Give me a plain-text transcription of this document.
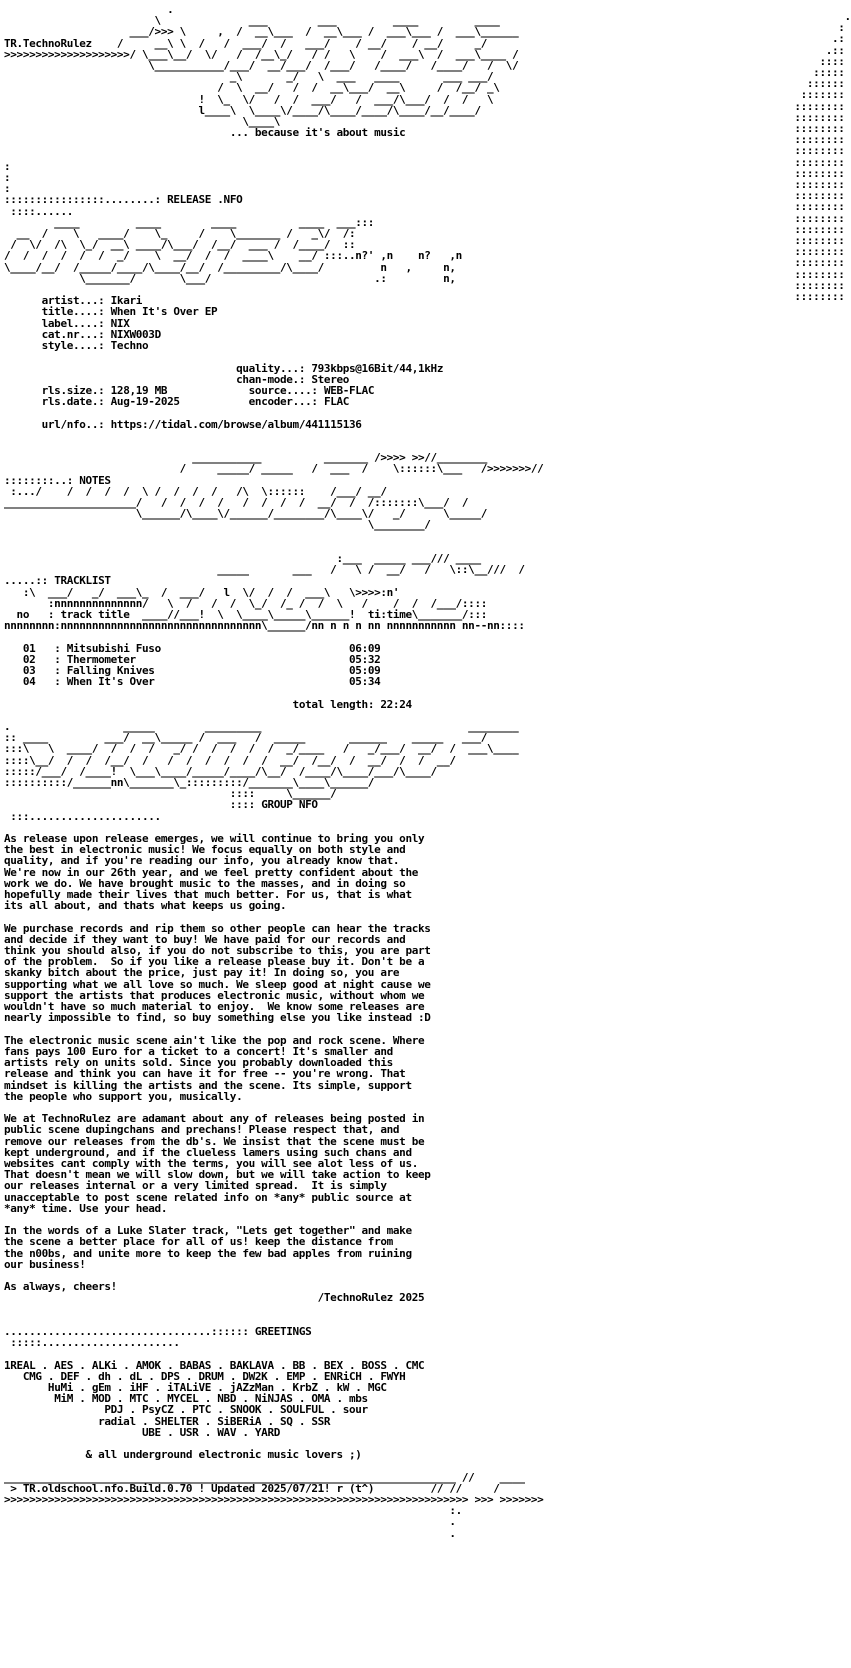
.
\              ___        ___         ____         ____
___/>>> \     ,  /  __\___  /  __\___ /  ___\___ /  ___\______

TR.TechnoRulez    /     __\ \  /   /  ___/  /   ___/    / __/    / __/     _/
>>>>>>>>>>>>>>>>>>>>/ \___\__/  \/   /  /__\_/   / /   \    /  ___\  /  ___\____ /
\___________/___/  __/___/  /___/   /____/   /____/   /  \/
_\       _/   \  ___   ____       ___ ___/
/  \  __/   /  /  __\___/  __\     /  /__/ _\
!  \_  \/   /  /  ___/   /  ___/\___/  /  /   \
l____\  \____\/____/\____/____/\____/__/____/
\____\

... because it's about music

:
:
:

::::::::::::::::........: RELEASE .NFO
::::......
____         ____        ____          ____  ___:::
__  /    \   ____/    \_     /    \_______ /   _\/  /:
/  \/  /\  \_/  __\ ____/\___/  /__/  ___ /  /____/  ::
/  /  /  /  /  /  _/    \  __/  /  /  ____\    __/ :::..n?' ,n    n?   ,n
\____/__/  /_____/____/\____/__/  /_________/\____/         n   ,     n,
\_______/       \___/                          .:         n,

artist...: Ikari
title....: When It's Over EP
label....: NIX
cat.nr...: NIXW003D
style....: Techno

quality...: 793kbps@16Bit/44,1kHz
chan-mode.: Stereo
rls.size.: 128,19 MB	source....: WEB-FLAC
rls.date.: Aug-19-2025	encoder...: FLAC

url/nfo..: https://tidal.com/browse/album/441115136

___________          _______ />>>> >>//________
/     _____/ _____   /  ___  /    \::::::\___   />>>>>>>//

::::::::..: NOTES
:.../    /  /  /  /  \ /  /  /  /   /\  \::::::    /___/ __/
_____________________/   /  /  /  /   /  /  /  /  __/  /  /:::::::\___/  /
\______/\____\/______/________/\____\/   _/      \_____/
\________/

:___  _____ ___/// ____
_____       ___   /   \ /  __/   /   \::\__///  /

.....:: TRACKLIST
:\  ___/   _/  ___\_  /  ___/   l  \/  /  /  ___\   \>>>>:n'
:nnnnnnnnnnnnnn/   \  /   /  /  \_/  /_ /  /  \   /    /  /  /___/::::

no   : track title  ____//___!  \  \____\_____\______!  ti:time\_______/:::
nnnnnnnn:nnnnnnnnnnnnnnnnnnnnnnnnnnnnnnnn\______/nn n n n nn nnnnnnnnnnn nn--nn::::

01   : Mitsubishi Fuso	06:09
02   : Thermometer	05:32
03   : Falling Knives	05:09
04   : When It's Over	05:34

total length: 22:24

.                  _____        _________                                 ________
:: ____         ___/  __\_____ /  ___   /  _____       ______    _____   ___/
:::\   \  ____/  /  /  /   _/ /  /  /  /  /  _/____   /   _/___/  __/  /  ___\____
::::\__/  /  /  /__/  /   /  /  /  /  /  /  __/  /__/  /  __/  /  /  __/
:::::/___/  /____!  \___\____/_____/____/\__/  /____/\____/___/\____/
::::::::::/______nn\_______\_:::::::::/_______\____\______/
::::     \______/

:::: GROUP NFO
:::.....................

As release upon release emerges, we will continue to bring you only
the best in electronic music! We focus equally on both style and
quality, and if you're reading our info, you already know that.
We're now in our 26th year, and we feel pretty confident about the
work we do. We have brought music to the masses, and in doing so
hopefully made their lives that much better. For us, that is what
its all about, and thats what keeps us going.

We purchase records and rip them so other people can hear the tracks
and decide if they want to buy! We have paid for our records and
think you should also, if you do not subscribe to this, you are part
of the problem.  So if you like a release please buy it. Don't be a
skanky bitch about the price, just pay it! In doing so, you are
supporting what we all love so much. We sleep good at night cause we
support the artists that produces electronic music, without whom we
wouldn't have so much material to enjoy.  We know some releases are
nearly impossible to find, so buy something else you like instead :D

The electronic music scene ain't like the pop and rock scene. Where
fans pays 100 Euro for a ticket to a concert! It's smaller and
artists rely on units sold. Since you probably downloaded this
release and think you can have it for free -- you're wrong. That
mindset is killing the artists and the scene. Its simple, support
the people who support you, musically.

We at TechnoRulez are adamant about any of releases being posted in
public scene dupingchans and prechans! Please respect that, and
remove our releases from the db's. We insist that the scene must be
kept underground, and if the clueless lamers using such chans and
websites cant comply with the terms, you will see alot less of us.
That doesn't mean we will slow down, but we will take action to keep
our releases internal or a very limited spread.  It is simply
unacceptable to post scene related info on *any* public source at
*any* time. Use your head.

In the words of a Luke Slater track, "Lets get together" and make
the scene a better place for all of us! keep the distance from
the n00bs, and unite more to keep the few bad apples from ruining
our business!

As always, cheers!
/TechnoRulez 2025

.................................:::::: GREETINGS
:::::......................

1REAL . AES . ALKi . AMOK . BABAS . BAKLAVA . BB . BEX . BOSS . CMC
CMG . DEF . dh . dL . DPS . DRUM . DW2K . EMP . ENRiCH . FWYH
HuMi . gEm . iHF . iTALiVE . jAZzMan . KrbZ . kW . MGC
MiM . MOD . MTC . MYCEL . NBD . NiNJAS . OMA . mbs
PDJ . PsyCZ . PTC . SNOOK . SOULFUL . sour
radial . SHELTER . SiBERiA . SQ . SSR
UBE . USR . WAV . YARD

& all underground electronic music lovers ;)

________________________________________________________________________ //    ____
> TR.oldschool.nfo.Build.0.70 ! Updated 2025/07/21! r (t^)	// //     /
>>>>>>>>>>>>>>>>>>>>>>>>>>>>>>>>>>>>>>>>>>>>>>>>>>>>>>>>>>>>>>>>>>>>>>>>>> >>> >>>>>>>
:.
.
.

.
:
.:
.::
::::
:::::
::::::
:::::::
::::::::
::::::::
::::::::
::::::::
::::::::
::::::::
::::::::
::::::::
::::::::
::::::::
::::::::
::::::::
::::::::
::::::::
::::::::
::::::::
::::::::
::::::::
